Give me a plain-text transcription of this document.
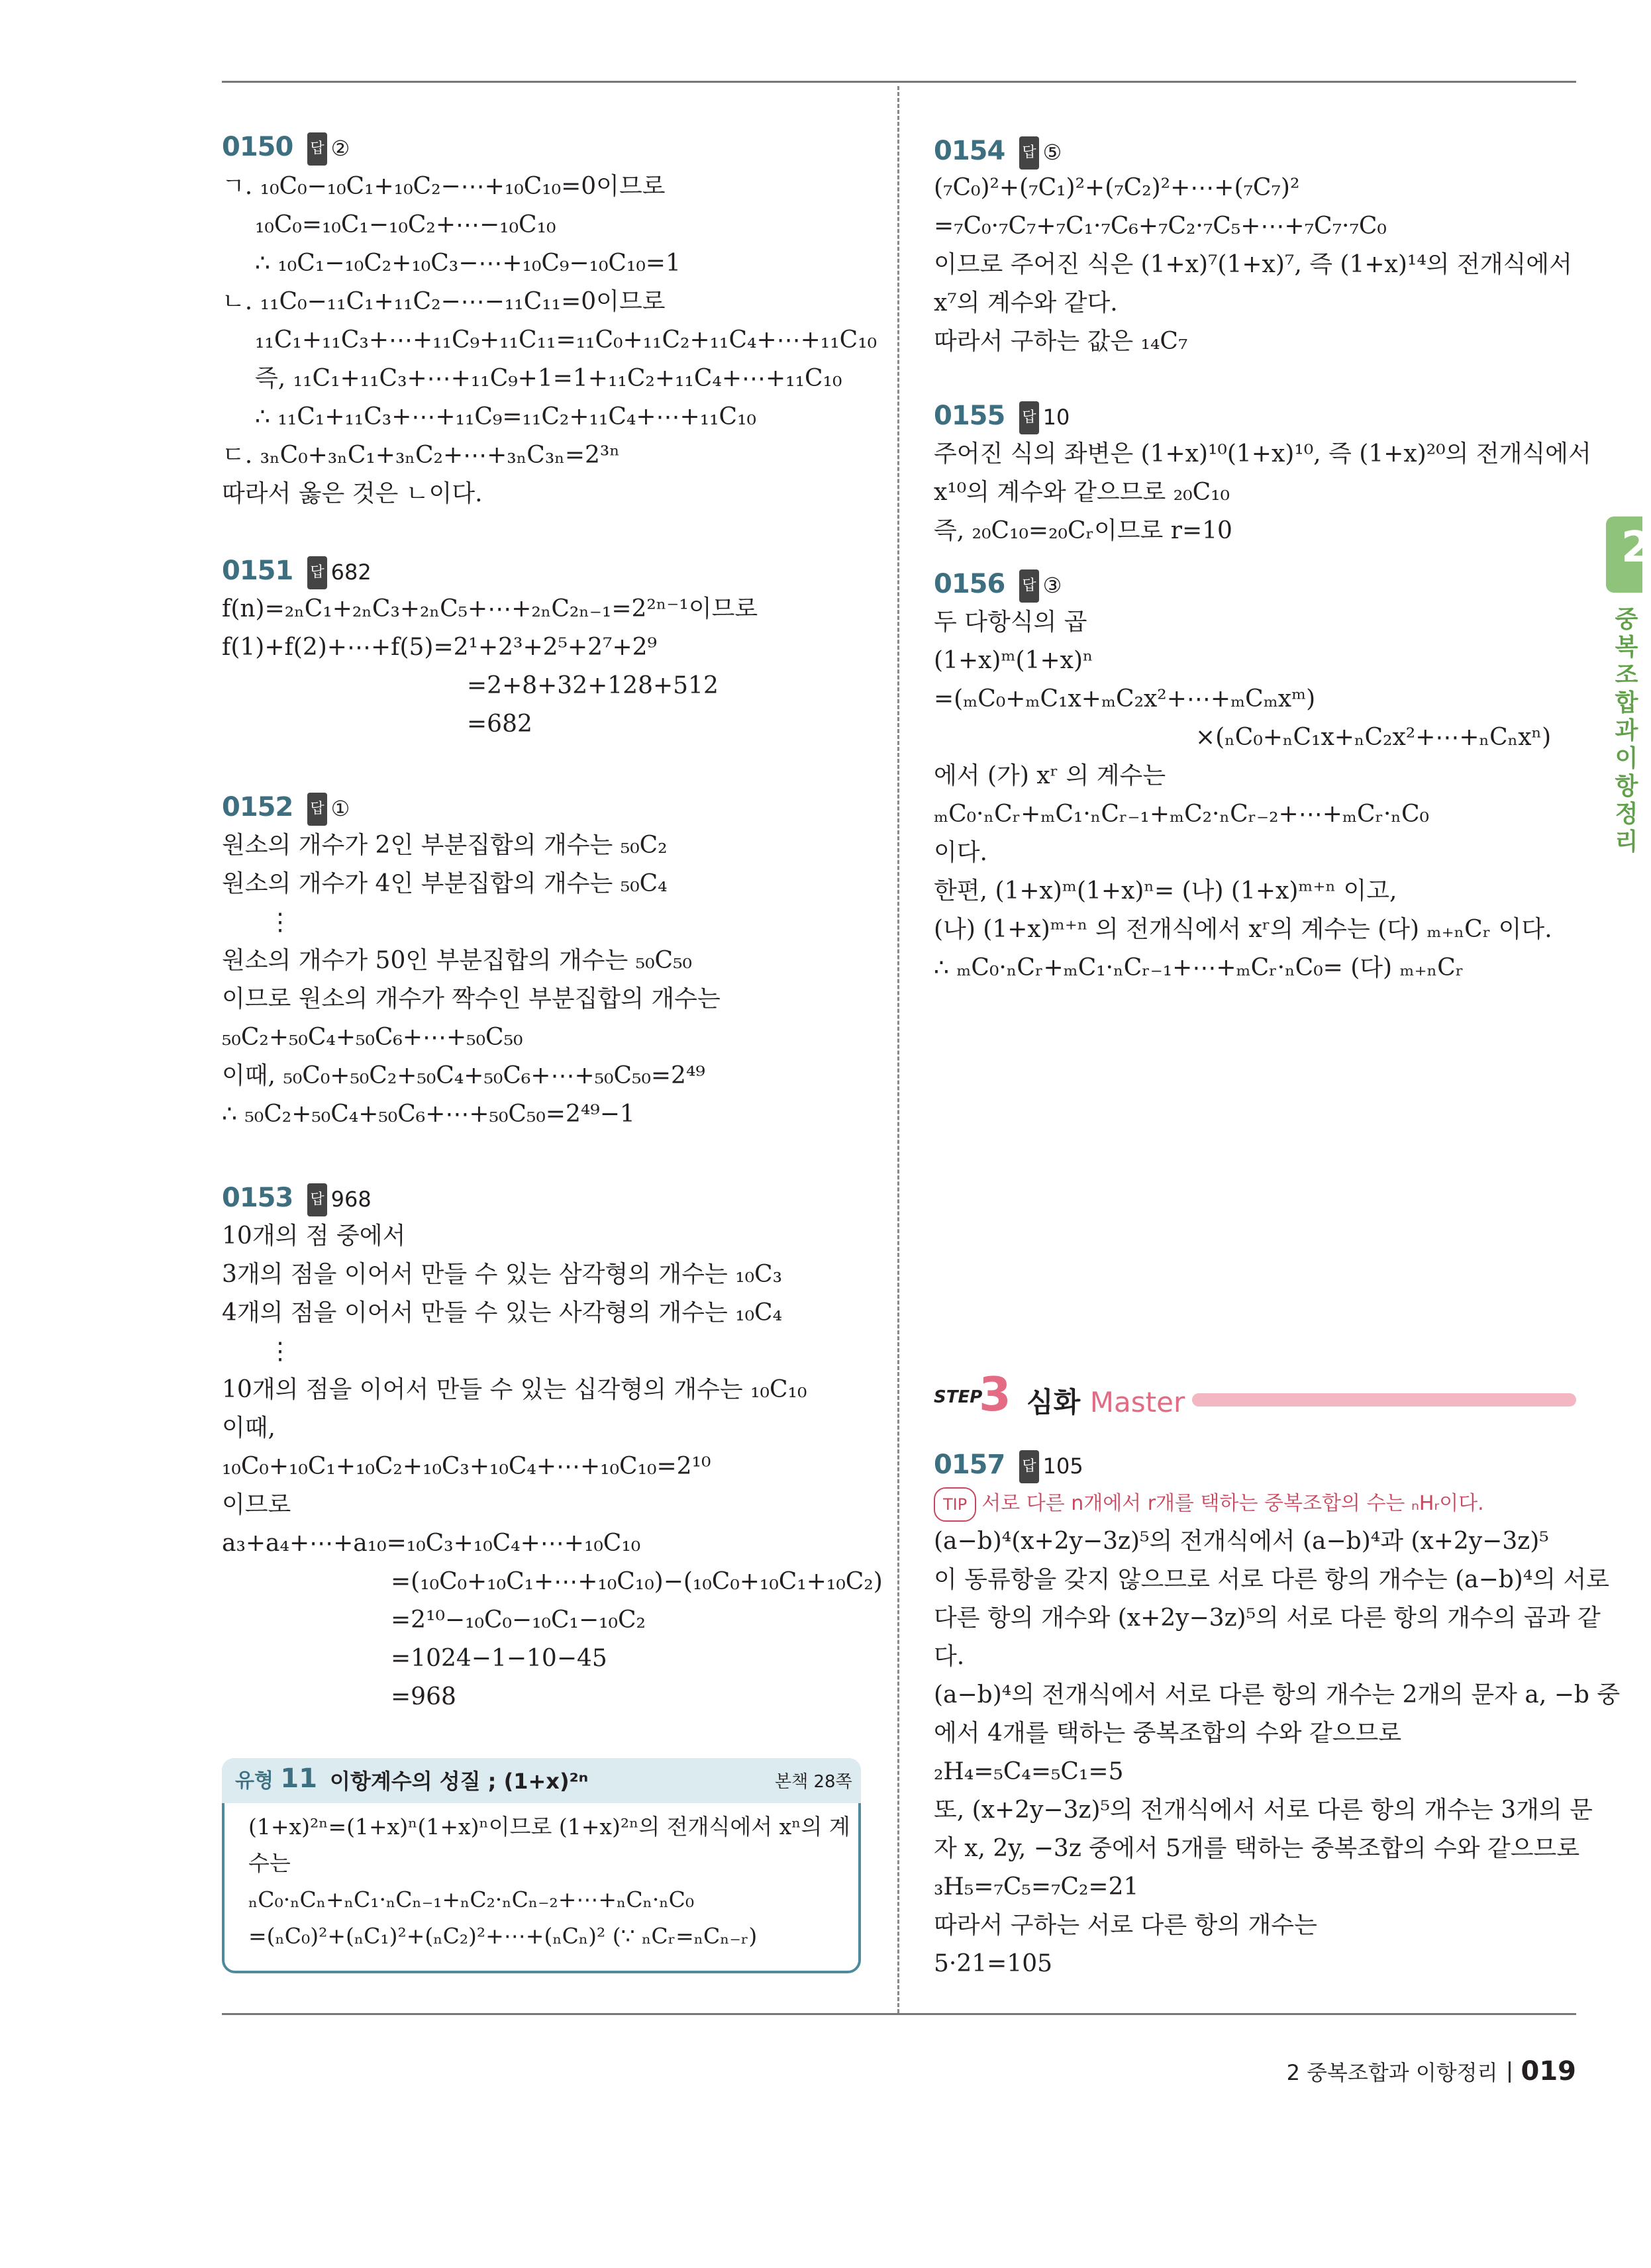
0150 답 ②
ㄱ. ₁₀C₀−₁₀C₁+₁₀C₂−⋯+₁₀C₁₀=0이므로
₁₀C₀=₁₀C₁−₁₀C₂+⋯−₁₀C₁₀
∴ ₁₀C₁−₁₀C₂+₁₀C₃−⋯+₁₀C₉−₁₀C₁₀=1
ㄴ. ₁₁C₀−₁₁C₁+₁₁C₂−⋯−₁₁C₁₁=0이므로
₁₁C₁+₁₁C₃+⋯+₁₁C₉+₁₁C₁₁=₁₁C₀+₁₁C₂+₁₁C₄+⋯+₁₁C₁₀
즉, ₁₁C₁+₁₁C₃+⋯+₁₁C₉+1=1+₁₁C₂+₁₁C₄+⋯+₁₁C₁₀
∴ ₁₁C₁+₁₁C₃+⋯+₁₁C₉=₁₁C₂+₁₁C₄+⋯+₁₁C₁₀
ㄷ. ₃ₙC₀+₃ₙC₁+₃ₙC₂+⋯+₃ₙC₃ₙ=2³ⁿ
따라서 옳은 것은 ㄴ이다.
0151 답 682
f(n)=₂ₙC₁+₂ₙC₃+₂ₙC₅+⋯+₂ₙC₂ₙ₋₁=2²ⁿ⁻¹이므로
f(1)+f(2)+⋯+f(5)=2¹+2³+2⁵+2⁷+2⁹
=2+8+32+128+512
=682
0152 답 ①
원소의 개수가 2인 부분집합의 개수는 ₅₀C₂
원소의 개수가 4인 부분집합의 개수는 ₅₀C₄
⋮
원소의 개수가 50인 부분집합의 개수는 ₅₀C₅₀
이므로 원소의 개수가 짝수인 부분집합의 개수는
₅₀C₂+₅₀C₄+₅₀C₆+⋯+₅₀C₅₀
이때, ₅₀C₀+₅₀C₂+₅₀C₄+₅₀C₆+⋯+₅₀C₅₀=2⁴⁹
∴ ₅₀C₂+₅₀C₄+₅₀C₆+⋯+₅₀C₅₀=2⁴⁹−1
0153 답 968
10개의 점 중에서
3개의 점을 이어서 만들 수 있는 삼각형의 개수는 ₁₀C₃
4개의 점을 이어서 만들 수 있는 사각형의 개수는 ₁₀C₄
⋮
10개의 점을 이어서 만들 수 있는 십각형의 개수는 ₁₀C₁₀
이때,
₁₀C₀+₁₀C₁+₁₀C₂+₁₀C₃+₁₀C₄+⋯+₁₀C₁₀=2¹⁰
이므로
a₃+a₄+⋯+a₁₀=₁₀C₃+₁₀C₄+⋯+₁₀C₁₀
=(₁₀C₀+₁₀C₁+⋯+₁₀C₁₀)−(₁₀C₀+₁₀C₁+₁₀C₂)
=2¹⁰−₁₀C₀−₁₀C₁−₁₀C₂
=1024−1−10−45
=968
유형 11 이항계수의 성질 ; (1+x)²ⁿ	본책 28쪽
(1+x)²ⁿ=(1+x)ⁿ(1+x)ⁿ이므로 (1+x)²ⁿ의 전개식에서 xⁿ의 계
수는
ₙC₀·ₙCₙ+ₙC₁·ₙCₙ₋₁+ₙC₂·ₙCₙ₋₂+⋯+ₙCₙ·ₙC₀
=(ₙC₀)²+(ₙC₁)²+(ₙC₂)²+⋯+(ₙCₙ)² (∵ ₙCᵣ=ₙCₙ₋ᵣ)
0154 답 ⑤
(₇C₀)²+(₇C₁)²+(₇C₂)²+⋯+(₇C₇)²
=₇C₀·₇C₇+₇C₁·₇C₆+₇C₂·₇C₅+⋯+₇C₇·₇C₀
이므로 주어진 식은 (1+x)⁷(1+x)⁷, 즉 (1+x)¹⁴의 전개식에서
x⁷의 계수와 같다.
따라서 구하는 값은 ₁₄C₇
0155 답 10
주어진 식의 좌변은 (1+x)¹⁰(1+x)¹⁰, 즉 (1+x)²⁰의 전개식에서
x¹⁰의 계수와 같으므로 ₂₀C₁₀
즉, ₂₀C₁₀=₂₀Cᵣ이므로 r=10
0156 답 ③
두 다항식의 곱
(1+x)ᵐ(1+x)ⁿ
=(ₘC₀+ₘC₁x+ₘC₂x²+⋯+ₘCₘxᵐ)
×(ₙC₀+ₙC₁x+ₙC₂x²+⋯+ₙCₙxⁿ)
에서 (가) xʳ 의 계수는
ₘC₀·ₙCᵣ+ₘC₁·ₙCᵣ₋₁+ₘC₂·ₙCᵣ₋₂+⋯+ₘCᵣ·ₙC₀
이다.
한편, (1+x)ᵐ(1+x)ⁿ= (나) (1+x)ᵐ⁺ⁿ 이고,
(나) (1+x)ᵐ⁺ⁿ 의 전개식에서 xʳ의 계수는 (다) ₘ₊ₙCᵣ 이다.
∴ ₘC₀·ₙCᵣ+ₘC₁·ₙCᵣ₋₁+⋯+ₘCᵣ·ₙC₀= (다) ₘ₊ₙCᵣ
0157 답 105
TIP 서로 다른 n개에서 r개를 택하는 중복조합의 수는 ₙHᵣ이다.
(a−b)⁴(x+2y−3z)⁵의 전개식에서 (a−b)⁴과 (x+2y−3z)⁵
이 동류항을 갖지 않으므로 서로 다른 항의 개수는 (a−b)⁴의 서로
다른 항의 개수와 (x+2y−3z)⁵의 서로 다른 항의 개수의 곱과 같
다.
(a−b)⁴의 전개식에서 서로 다른 항의 개수는 2개의 문자 a, −b 중
에서 4개를 택하는 중복조합의 수와 같으므로
₂H₄=₅C₄=₅C₁=5
또, (x+2y−3z)⁵의 전개식에서 서로 다른 항의 개수는 3개의 문
자 x, 2y, −3z 중에서 5개를 택하는 중복조합의 수와 같으므로
₃H₅=₇C₅=₇C₂=21
따라서 구하는 서로 다른 항의 개수는
5·21=105
STEP
3 심화 Master
2
중복조합과 이항정리
2 중복조합과 이항정리 019
